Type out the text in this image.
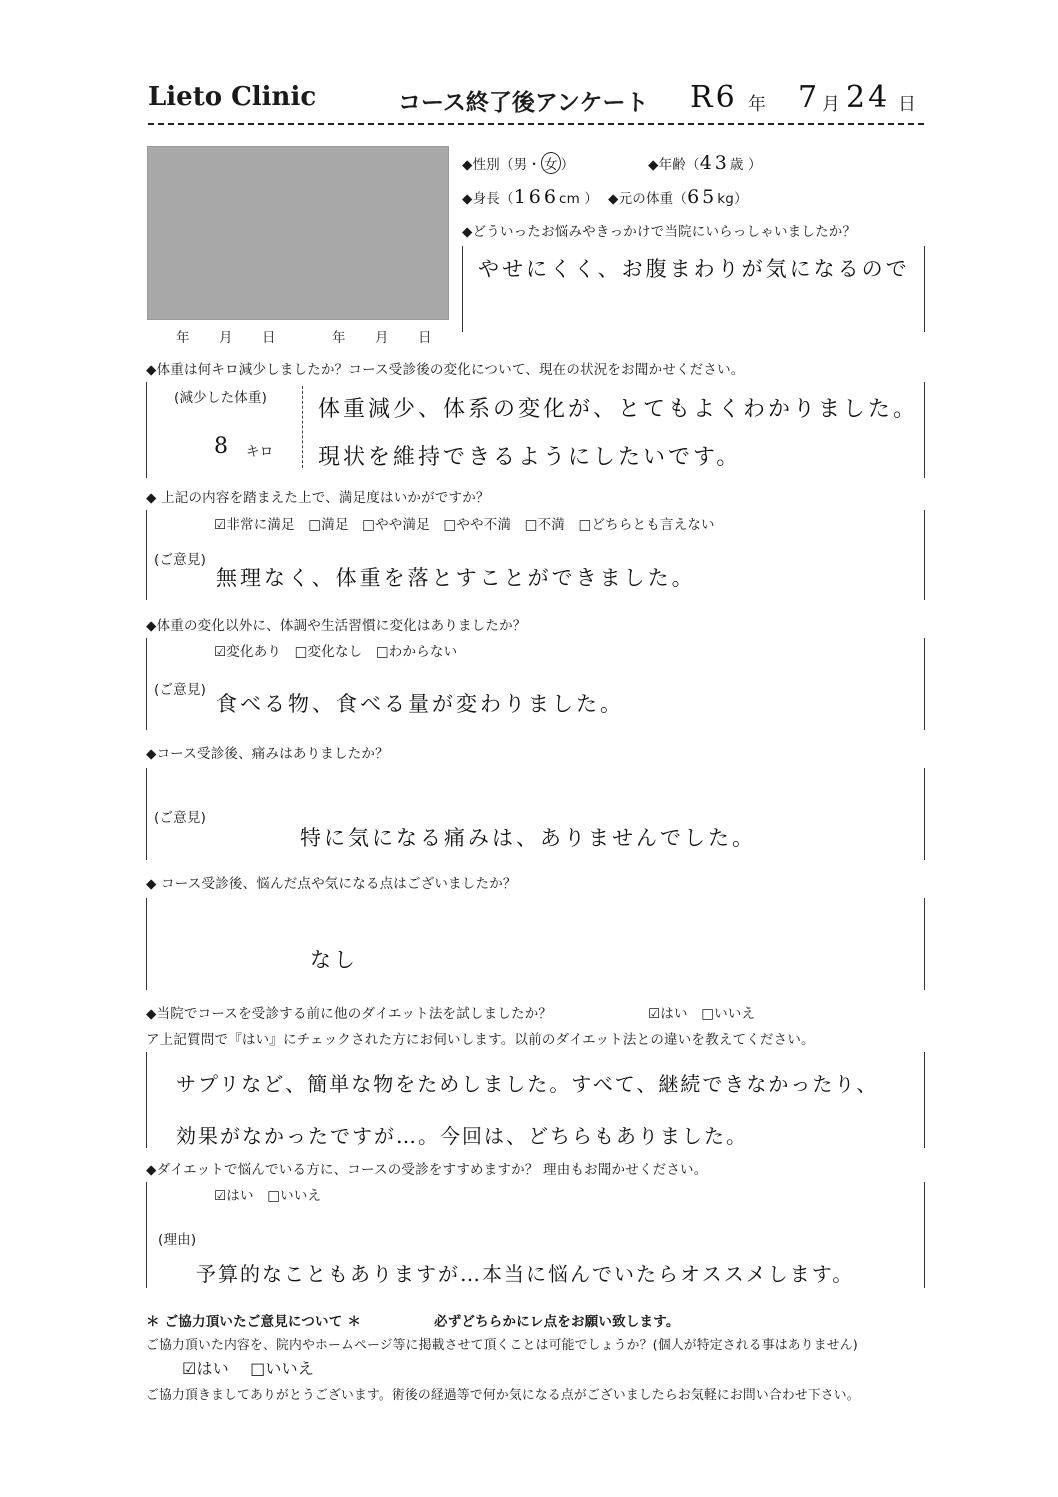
Lieto Clinic	コース終了後アンケート R6 年 7 月 24 日
年　月　日	年　月　日
◆性別（男・ 女 ）	◆年齢（43歳 ）
◆身長（166cm ） ◆元の体重（65kg）
◆どういったお悩みやきっかけで当院にいらっしゃいましたか？
やせにくく、お腹まわりが気になるので
◆体重は何キロ減少しましたか？コース受診後の変化について、現在の状況をお聞かせください。
(減少した体重)
8 キロ
体重減少、体系の変化が、とてもよくわかりました。
現状を維持できるようにしたいです。
◆ 上記の内容を踏まえた上で、満足度はいかがですか？
☑非常に満足 □満足 □やや満足 □やや不満 □不満 □どちらとも言えない
(ご意見)
無理なく、体重を落とすことができました。
◆体重の変化以外に、体調や生活習慣に変化はありましたか？
☑変化あり □変化なし □わからない
(ご意見)
食べる物、食べる量が変わりました。
◆コース受診後、痛みはありましたか？
(ご意見)
特に気になる痛みは、ありませんでした。
◆ コース受診後、悩んだ点や気になる点はございましたか？
なし
◆当院でコースを受診する前に他のダイエット法を試しましたか？	☑はい □いいえ
ア上記質問で『はい』にチェックされた方にお伺いします。以前のダイエット法との違いを教えてください。
サプリなど、簡単な物をためしました。すべて、継続できなかったり、
効果がなかったですが…。今回は、どちらもありました。
◆ダイエットで悩んでいる方に、コースの受診をすすめますか？ 理由もお聞かせください。
☑はい □いいえ
(理由)
予算的なこともありますが…本当に悩んでいたらオススメします。
＊ ご協力頂いたご意見について ＊	必ずどちらかにレ点をお願い致します。
ご協力頂いた内容を、院内やホームページ等に掲載させて頂くことは可能でしょうか？(個人が特定される事はありません)
☑はい □いいえ
ご協力頂きましてありがとうございます。術後の経過等で何か気になる点がございましたらお気軽にお問い合わせ下さい。
